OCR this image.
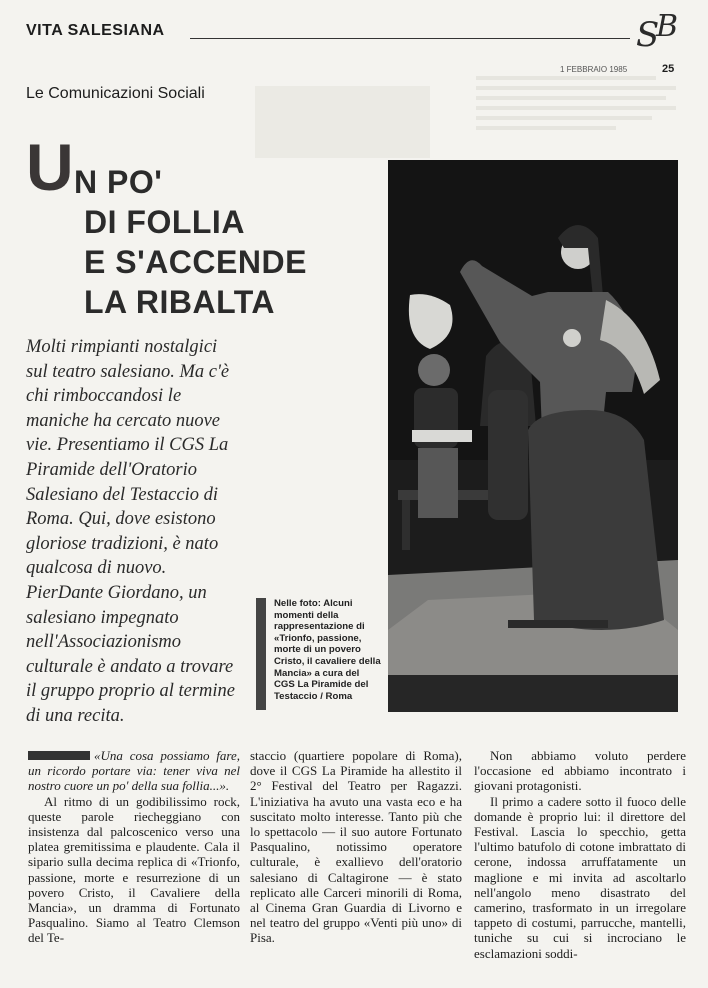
VITA SALESIANA	S
B
1 FEBBRAIO 1985	25
Le Comunicazioni Sociali
U N PO'
DI FOLLIA
E S'ACCENDE
LA RIBALTA
Molti rimpianti nostalgici sul teatro salesiano. Ma c'è chi rimboccandosi le maniche ha cercato nuove vie. Presentiamo il CGS La Piramide dell'Oratorio Salesiano del Testaccio di Roma. Qui, dove esistono gloriose tradizioni, è nato qualcosa di nuovo. PierDante Giordano, un salesiano impegnato nell'Associazionismo culturale è andato a trovare il gruppo proprio al termine di una recita.
Nelle foto: Alcuni momenti della rappresentazione di «Trionfo, passione, morte di un povero Cristo, il cavaliere della Mancia» a cura del CGS La Piramide del Testaccio / Roma

«Una cosa possiamo fare, un ricordo portare via: tener viva nel nostro cuore un po' della sua follia...».

Al ritmo di un godibilissimo rock, queste parole riecheggiano con insistenza dal palcoscenico verso una platea gremitissima e plaudente. Cala il sipario sulla decima replica di «Trionfo, passione, morte e resurrezione di un povero Cristo, il Cavaliere della Mancia», un dramma di Fortunato Pasqualino. Siamo al Teatro Clemson del Te-

staccio (quartiere popolare di Roma), dove il CGS La Piramide ha allestito il 2° Festival del Teatro per Ragazzi. L'iniziativa ha avuto una vasta eco e ha suscitato molto interesse. Tanto più che lo spettacolo — il suo autore Fortunato Pasqualino, notissimo operatore culturale, è exallievo dell'oratorio salesiano di Caltagirone — è stato replicato alle Carceri minorili di Roma, al Cinema Gran Guardia di Livorno e nel teatro del gruppo «Venti più uno» di Pisa.

Non abbiamo voluto perdere l'occasione ed abbiamo incontrato i giovani protagonisti.

Il primo a cadere sotto il fuoco delle domande è proprio lui: il direttore del Festival. Lascia lo specchio, getta l'ultimo batufolo di cotone imbrattato di cerone, indossa arruffatamente un maglione e mi invita ad ascoltarlo nell'angolo meno disastrato del camerino, trasformato in un irregolare tappeto di costumi, parrucche, mantelli, tuniche su cui si incrociano le esclamazioni soddi-
